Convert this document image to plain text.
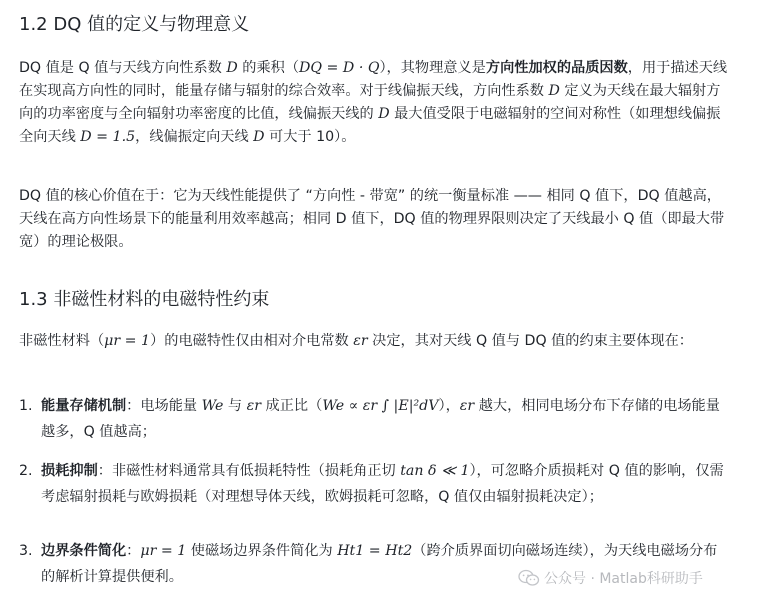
1.2 DQ 值的定义与物理意义

DQ 值是 Q 值与天线方向性系数 D 的乘积（DQ = D · Q），其物理意义是方向性加权的品质因数，用于描述天线在实现高方向性的同时，能量存储与辐射的综合效率。对于线偏振天线，方向性系数 D 定义为天线在最大辐射方向的功率密度与全向辐射功率密度的比值，线偏振天线的 D 最大值受限于电磁辐射的空间对称性（如理想线偏振全向天线 D = 1.5，线偏振定向天线 D 可大于 10）。

DQ 值的核心价值在于：它为天线性能提供了 “方向性 - 带宽” 的统一衡量标准 —— 相同 Q 值下，DQ 值越高，天线在高方向性场景下的能量利用效率越高；相同 D 值下，DQ 值的物理界限则决定了天线最小 Q 值（即最大带宽）的理论极限。

1.3 非磁性材料的电磁特性约束

非磁性材料（μr = 1）的电磁特性仅由相对介电常数 εr 决定，其对天线 Q 值与 DQ 值的约束主要体现在：

1. 能量存储机制：电场能量 We 与 εr 成正比（We ∝ εr ∫ |E|²dV），εr 越大，相同电场分布下存储的电场能量越多，Q 值越高；
2. 损耗抑制：非磁性材料通常具有低损耗特性（损耗角正切 tan δ ≪ 1），可忽略介质损耗对 Q 值的影响，仅需考虑辐射损耗与欧姆损耗（对理想导体天线，欧姆损耗可忽略，Q 值仅由辐射损耗决定）；
3. 边界条件简化：μr = 1 使磁场边界条件简化为 Ht1 = Ht2（跨介质界面切向磁场连续），为天线电磁场分布的解析计算提供便利。	公众号 · Matlab科研助手
